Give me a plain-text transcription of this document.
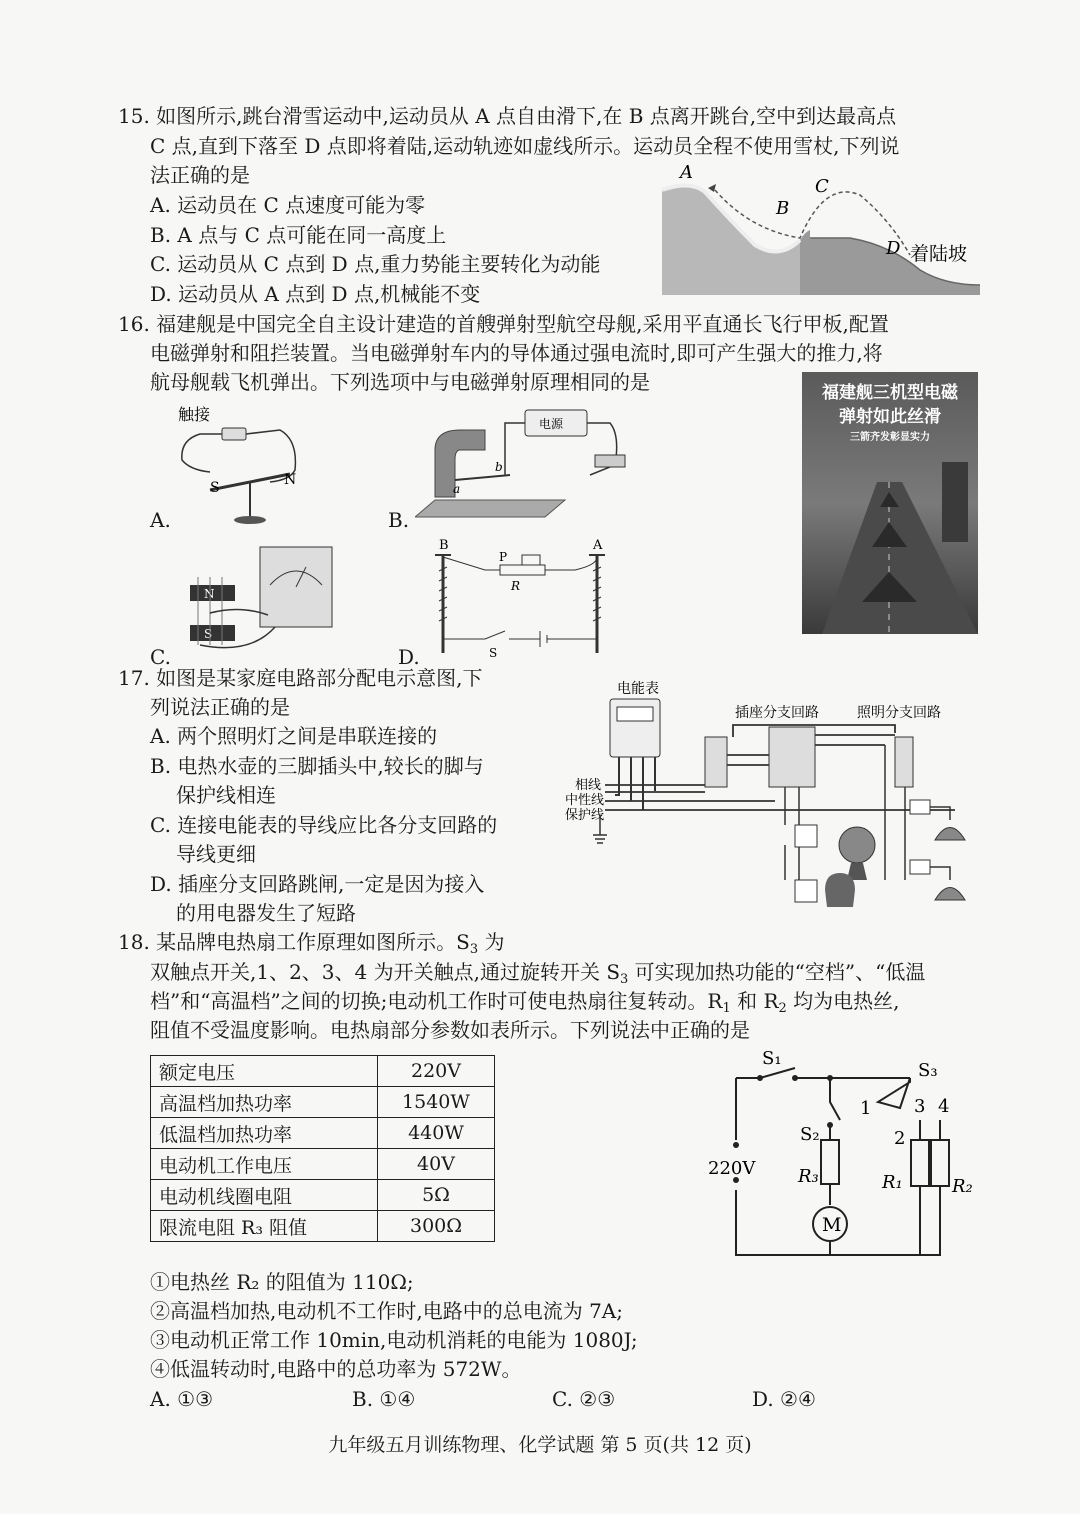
15. 如图所示,跳台滑雪运动中,运动员从 A 点自由滑下,在 B 点离开跳台,空中到达最高点
C 点,直到下落至 D 点即将着陆,运动轨迹如虚线所示。运动员全程不使用雪杖,下列说
法正确的是
A. 运动员在 C 点速度可能为零
B. A 点与 C 点可能在同一高度上
C. 运动员从 C 点到 D 点,重力势能主要转化为动能
D. 运动员从 A 点到 D 点,机械能不变
A
B
C
D 着陆坡
16. 福建舰是中国完全自主设计建造的首艘弹射型航空母舰,采用平直通长飞行甲板,配置
电磁弹射和阻拦装置。当电磁弹射车内的导体通过强电流时,即可产生强大的推力,将
航母舰载飞机弹出。下列选项中与电磁弹射原理相同的是
触接
S	N
A.
电源
a
b
B.
N
S
C.
B	A
P
R
S
D.
福建舰三机型电磁
弹射如此丝滑
三箭齐发彰显实力
17. 如图是某家庭电路部分配电示意图,下
列说法正确的是
A. 两个照明灯之间是串联连接的
B. 电热水壶的三脚插头中,较长的脚与
保护线相连
C. 连接电能表的导线应比各分支回路的
导线更细
D. 插座分支回路跳闸,一定是因为接入
的用电器发生了短路
电能表
插座分支回路	照明分支回路
相线
中性线
保护线
18. 某品牌电热扇工作原理如图所示。$S_3$ 为
双触点开关,1、2、3、4 为开关触点,通过旋转开关 $S_3$ 可实现加热功能的“空档”、“低温
档”和“高温档”之间的切换;电动机工作时可使电热扇往复转动。$R_1$ 和 $R_2$ 均为电热丝,
阻值不受温度影响。电热扇部分参数如表所示。下列说法中正确的是
额定电压	220V
高温档加热功率	1540W
低温档加热功率	440W
电动机工作电压	40V
电动机线圈电阻	5Ω
限流电阻 R₃ 阻值	300Ω
S₁
S₂
S₃
220V R₃	R₁	R₂
M
1
2
3 4
①电热丝 R₂ 的阻值为 110Ω;
②高温档加热,电动机不工作时,电路中的总电流为 7A;
③电动机正常工作 10min,电动机消耗的电能为 1080J;
④低温转动时,电路中的总功率为 572W。
A. ①③	B. ①④	C. ②③	D. ②④
九年级五月训练物理、化学试题 第 5 页(共 12 页)
